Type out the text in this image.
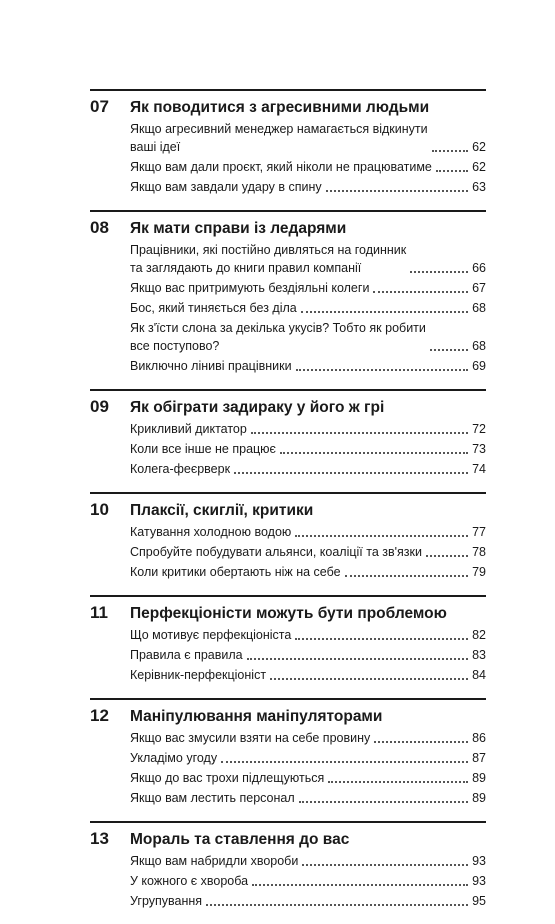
07	Як поводитися з агресивними людьми
Якщо агресивний менеджер намагається відкинути
ваші ідеї	62
Якщо вам дали проєкт, який ніколи не працюватиме	62
Якщо вам завдали удару в спину	63
08	Як мати справи із ледарями
Працівники, які постійно дивляться на годинник
та заглядають до книги правил компанії	66
Якщо вас притримують бездіяльні колеги	67
Бос, який тиняється без діла	68
Як з'їсти слона за декілька укусів? Тобто як робити
все поступово?	68
Виключно ліниві працівники	69
09	Як обіграти задираку у його ж грі
Крикливий диктатор	72
Коли все інше не працює	73
Колега-феєрверк	74
10	Плаксії, скиглії, критики
Катування холодною водою	77
Спробуйте побудувати альянси, коаліції та зв'язки	78
Коли критики обертають ніж на себе	79
11	Перфекціоністи можуть бути проблемою
Що мотивує перфекціоніста	82
Правила є правила	83
Керівник-перфекціоніст	84
12	Маніпулювання маніпуляторами
Якщо вас змусили взяти на себе провину	86
Укладімо угоду	87
Якщо до вас трохи підлещуються	89
Якщо вам лестить персонал	89
13	Мораль та ставлення до вас
Якщо вам набридли хвороби	93
У кожного є хвороба	93
Угрупування	95
